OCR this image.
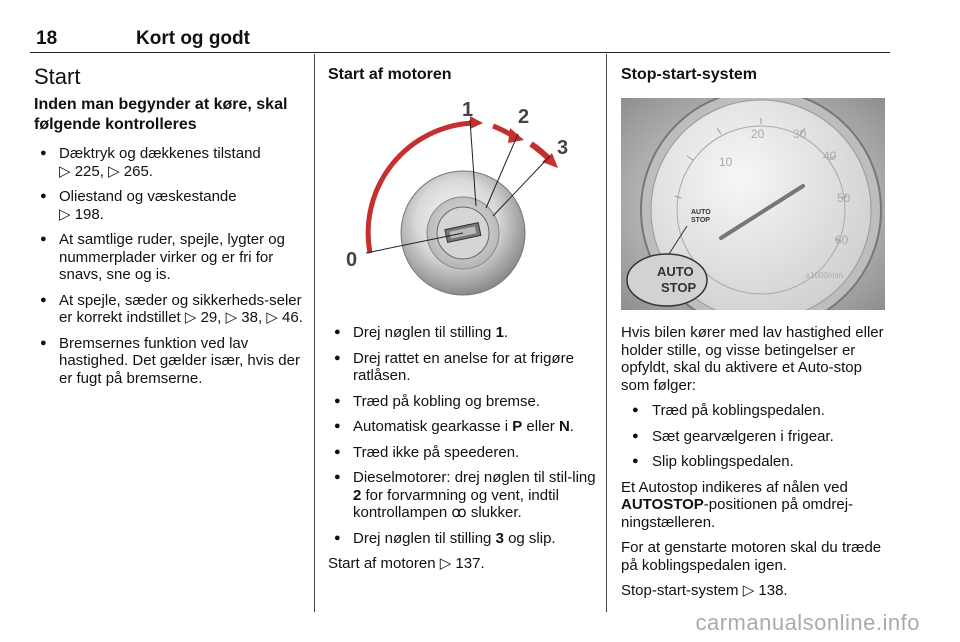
18	Kort og godt
Start
Inden man begynder at køre, skal følgende kontrolleres
● Dæktryk og dækkenes tilstand
▷ 225, ▷ 265.
● Oliestand og væskestande
▷ 198.
● At samtlige ruder, spejle, lygter og nummerplader virker og er fri for snavs, sne og is.
● At spejle, sæder og sikkerheds-seler er korrekt indstillet ▷ 29, ▷ 38, ▷ 46.
● Bremsernes funktion ved lav hastighed. Det gælder især, hvis der er fugt på bremserne.
Start af motoren
0
1 2
3
● Drej nøglen til stilling 1.
● Drej rattet en anelse for at frigøre ratlåsen.
● Træd på kobling og bremse.
● Automatisk gearkasse i P eller N.
● Træd ikke på speederen.
● Dieselmotorer: drej nøglen til stil-ling 2 for forvarmning og vent, indtil kontrollampen ꝏ slukker.
● Drej nøglen til stilling 3 og slip.

Start af motoren ▷ 137.

Stop-start-system
10
20 30
40
50
60
x1000/min
AUTO
STOP
AUTO
STOP

Hvis bilen kører med lav hastighed eller holder stille, og visse betingelser er opfyldt, skal du aktivere et Auto-stop som følger:

● Træd på koblingspedalen.
● Sæt gearvælgeren i frigear.
● Slip koblingspedalen.

Et Autostop indikeres af nålen ved AUTOSTOP-positionen på omdrej-ningstælleren.

For at genstarte motoren skal du træde på koblingspedalen igen.

Stop-start-system ▷ 138.

carmanualsonline.info
